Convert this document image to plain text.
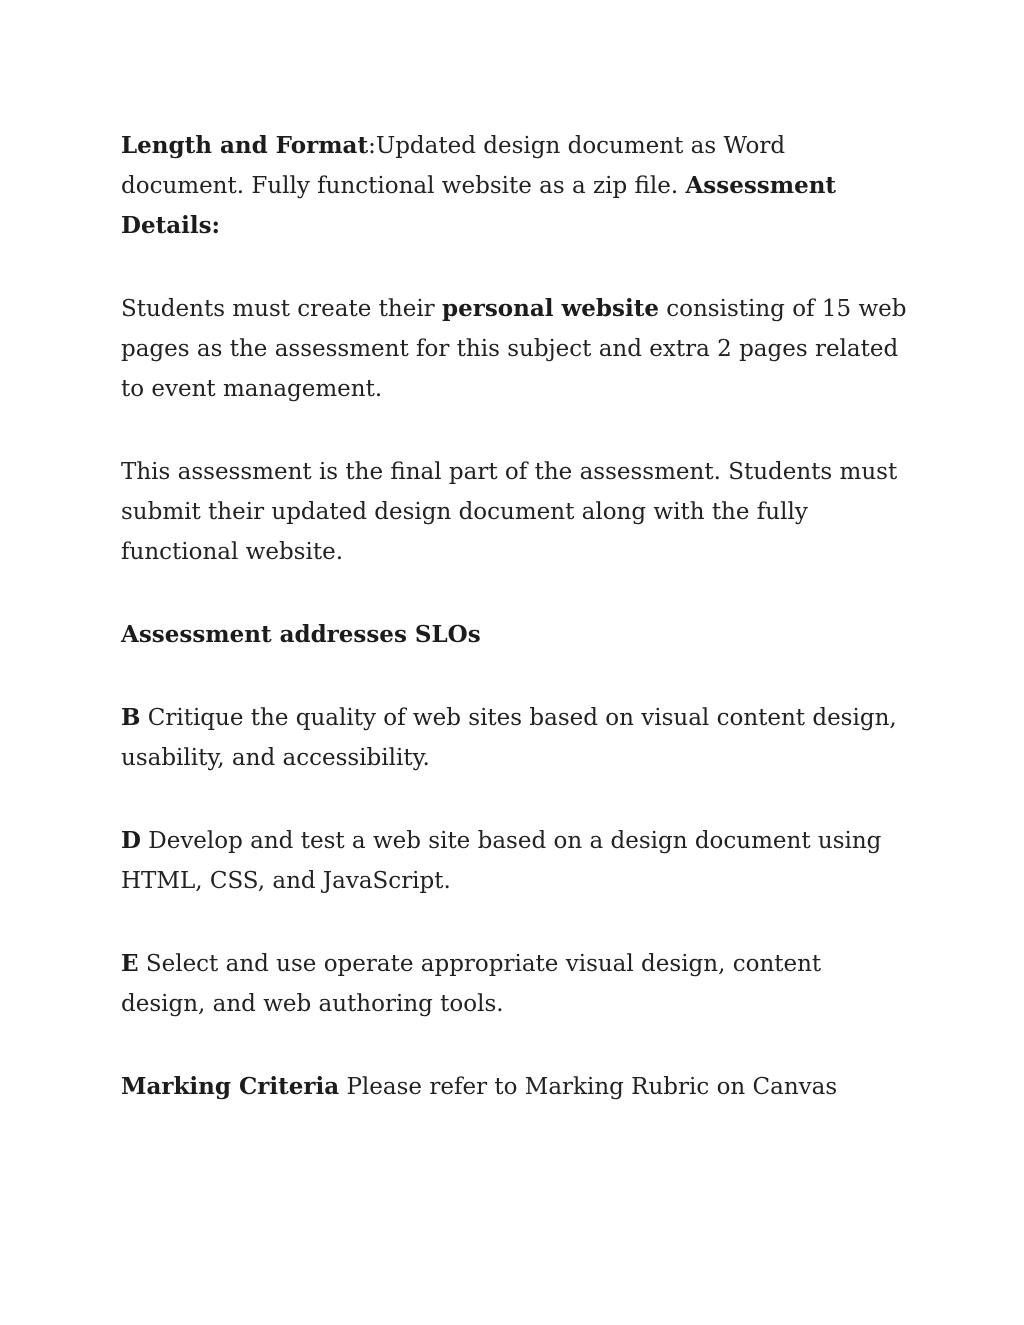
Length and Format:Updated design document as Word document. Fully functional website as a zip file. Assessment Details:

Students must create their personal website consisting of 15 web pages as the assessment for this subject and extra 2 pages related to event management.

This assessment is the final part of the assessment. Students must submit their updated design document along with the fully functional website.

Assessment addresses SLOs

B Critique the quality of web sites based on visual content design, usability, and accessibility.

D Develop and test a web site based on a design document using HTML, CSS, and JavaScript.

E Select and use operate appropriate visual design, content design, and web authoring tools.

Marking Criteria Please refer to Marking Rubric on Canvas
